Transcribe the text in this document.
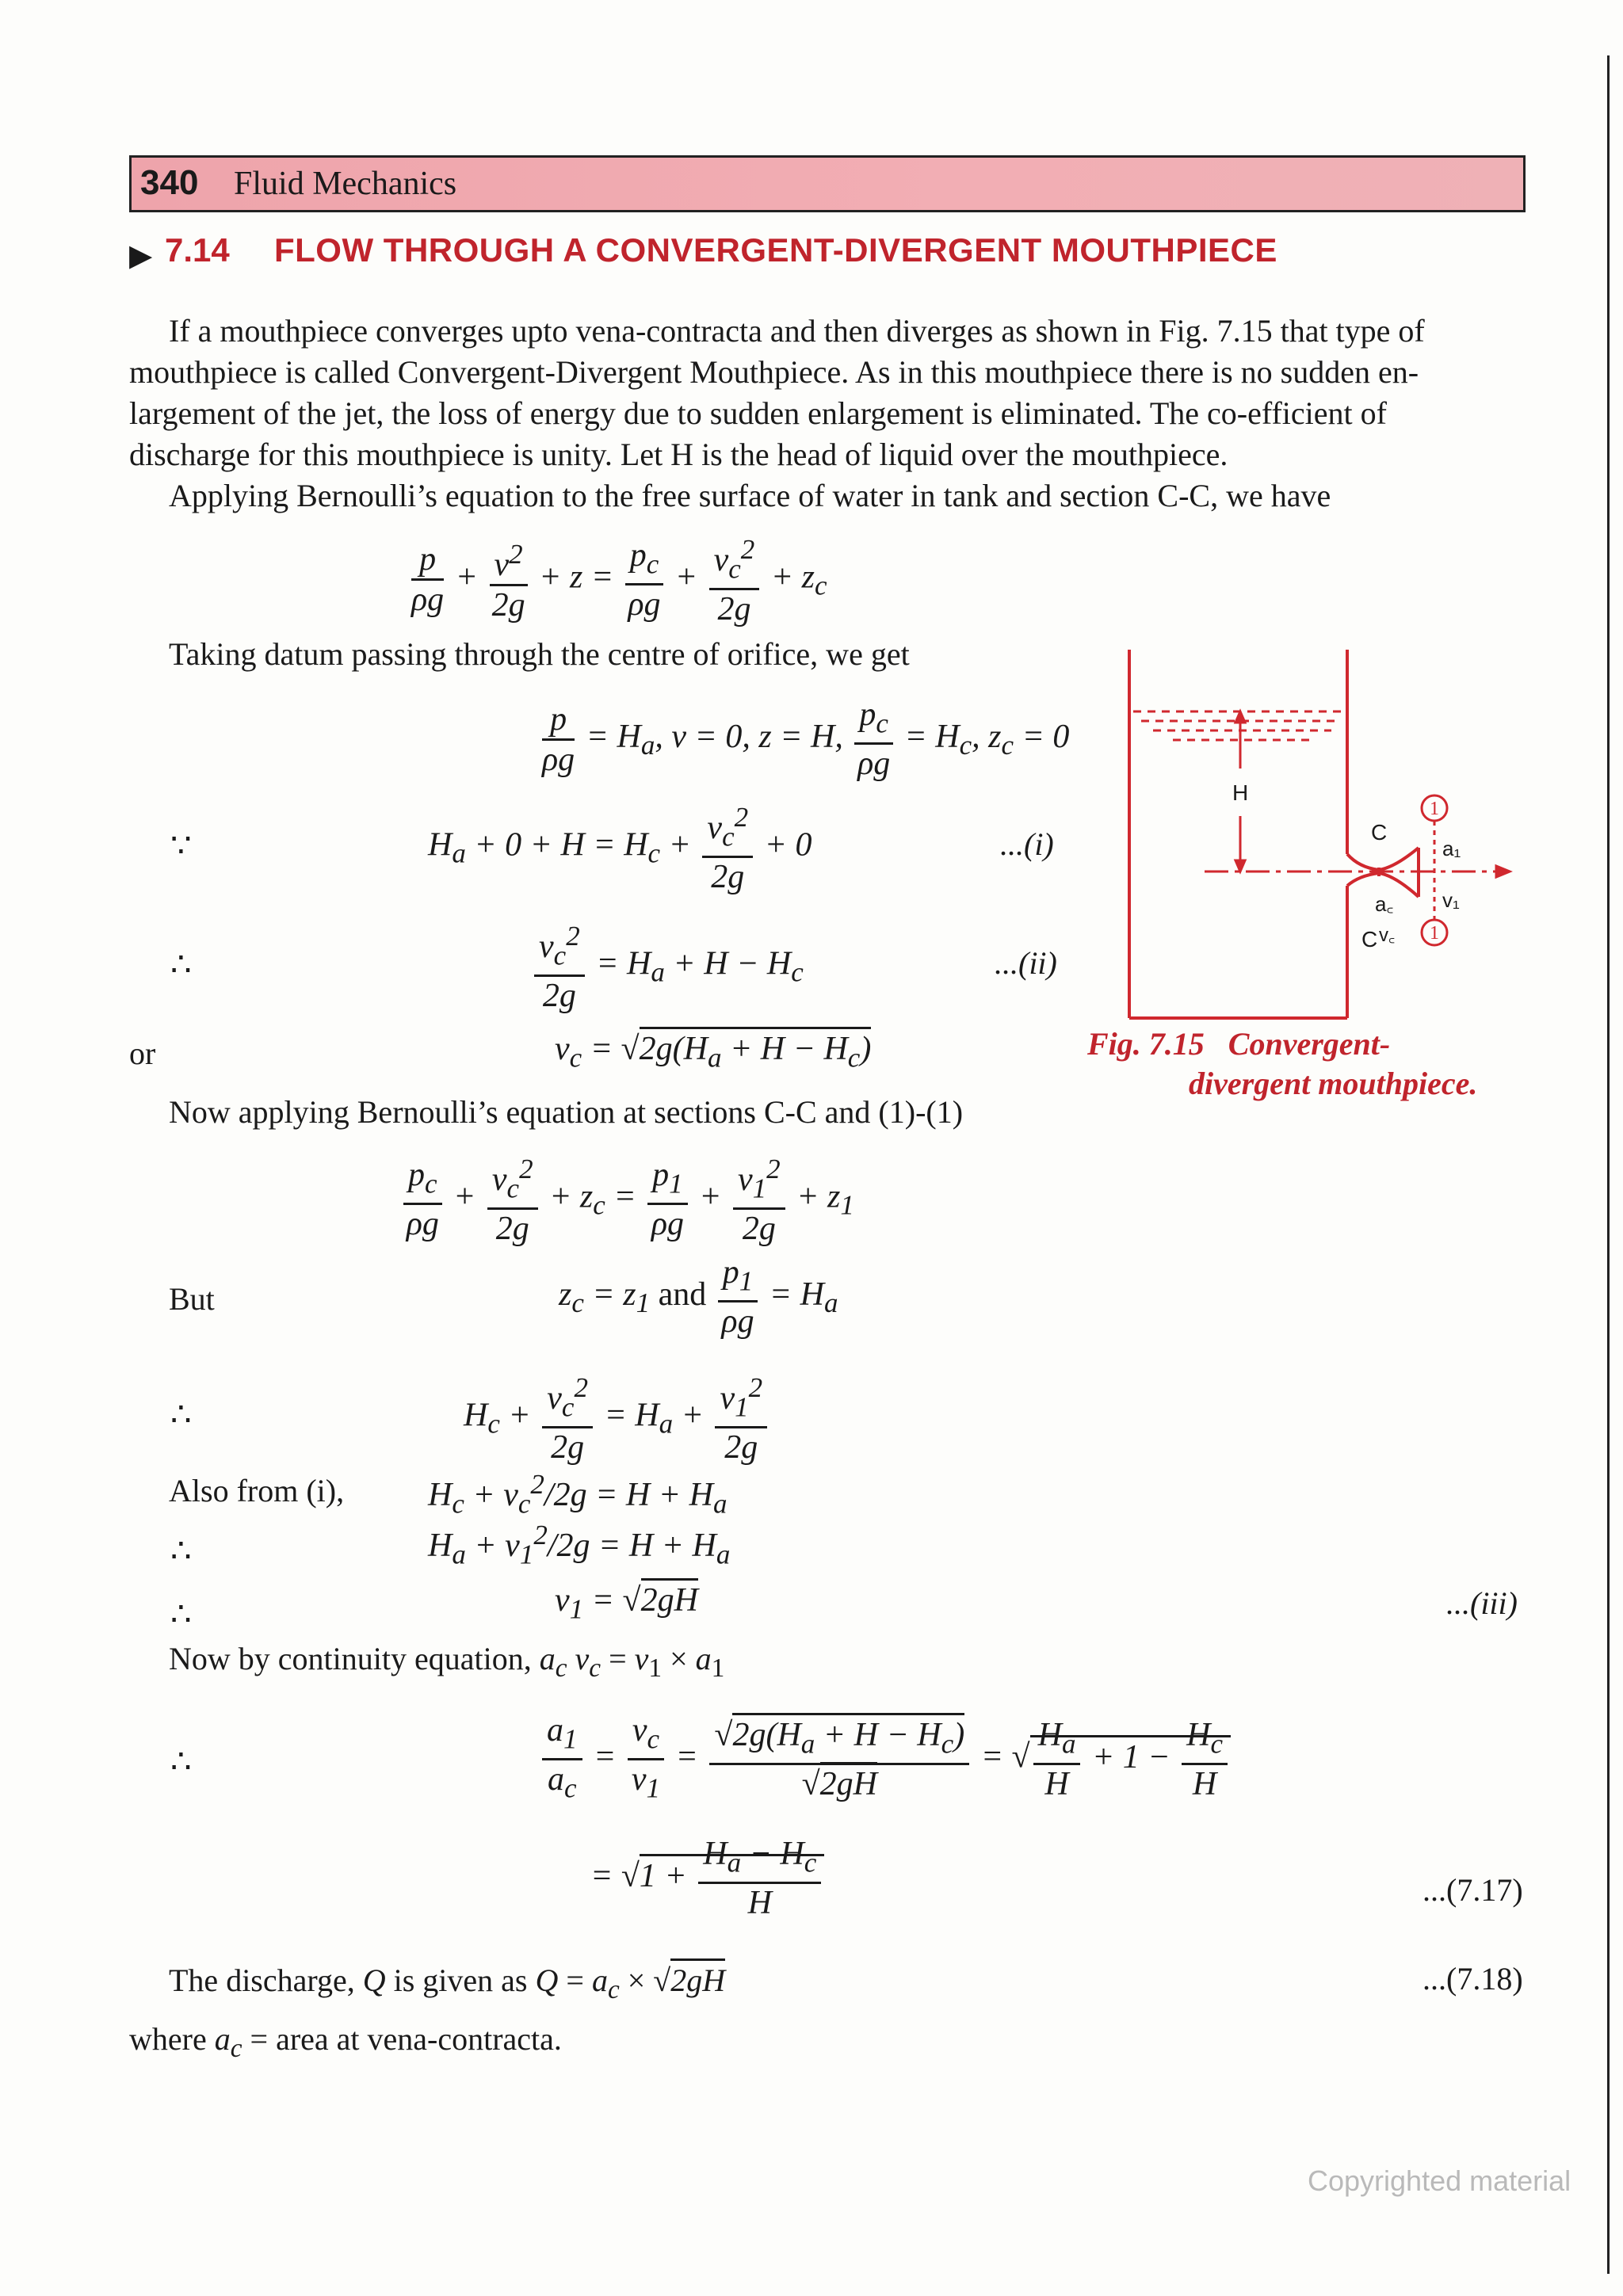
340 Fluid Mechanics
▶ 7.14 FLOW THROUGH A CONVERGENT-DIVERGENT MOUTHPIECE
If a mouthpiece converges upto vena-contracta and then diverges as shown in Fig. 7.15 that type of
mouthpiece is called Convergent-Divergent Mouthpiece. As in this mouthpiece there is no sudden en-
largement of the jet, the loss of energy due to sudden enlargement is eliminated. The co-efficient of
discharge for this mouthpiece is unity. Let H is the head of liquid over the mouthpiece.
Applying Bernoulli’s equation to the free surface of water in tank and section C-C, we have
$\frac{p}{\rho g} + \frac{v^2}{2g} + z = \frac{p_c}{\rho g} + \frac{v_c^2}{2g} + z_c$
Taking datum passing through the centre of orifice, we get
$\frac{p}{\rho g} = H_a$, v = 0, z = H, $\frac{p_c}{\rho g} = H_c$, $z_c = 0$
∵	$H_a + 0 + H = H_c + \frac{v_c^2}{2g} + 0$	...(i)
∴	$\frac{v_c^2}{2g} = H_a + H - H_c$	...(ii)
or	$v_c = √2g(H_a + H - H_c)$
Now applying Bernoulli’s equation at sections C-C and (1)-(1)
$\frac{p_c}{\rho g} + \frac{v_c^2}{2g} + z_c = \frac{p_1}{\rho g} + \frac{v_1^2}{2g} + z_1$
But	$z_c = z_1$ and $\frac{p_1}{\rho g} = H_a$
∴	$H_c + \frac{v_c^2}{2g} = H_a + \frac{v_1^2}{2g}$
Also from (i),	$H_c + v_c^2/2g = H + H_a$
∴	$H_a + v_1^2/2g = H + H_a$
∴	$v_1 = √2gH$	...(iii)
Now by continuity equation, $a_c$ $v_c = v_1 \times a_1$
∴	$\frac{a_1}{a_c} = \frac{v_c}{v_1} = \frac{√2g(H_a + H - H_c)}{√2gH}$ = √ $\frac{H_a}{H} + 1 - \frac{H_c}{H}$
= $√1 + \frac{H_a - H_c}{H}$	...(7.17)
The discharge, Q is given as $Q = a_c \times √2gH$	...(7.18)
where $a_c$ = area at vena-contracta.
H
C
C
a₁
v₁
a꜀
v꜀
1
1
Fig. 7.15 Convergent-
divergent mouthpiece.
Copyrighted material
